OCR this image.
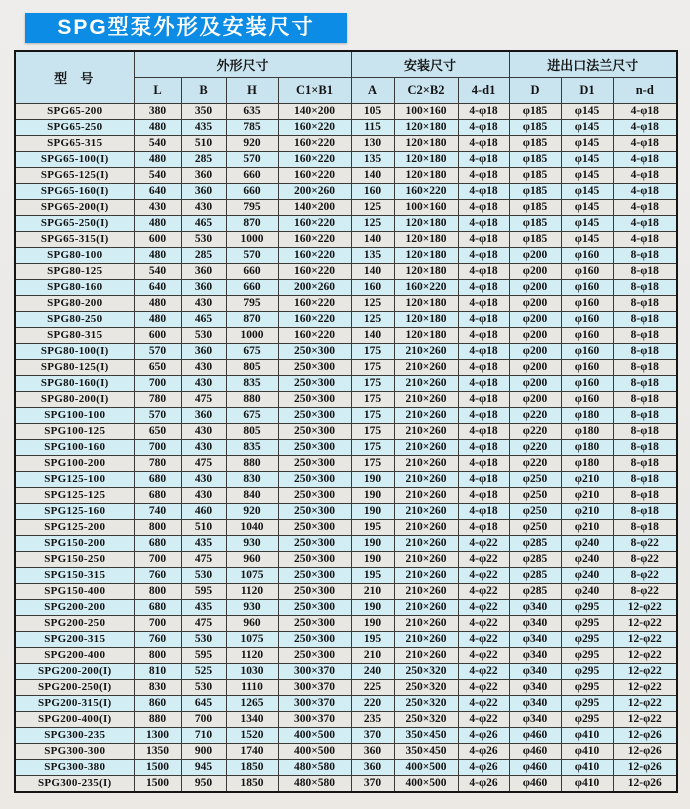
SPG型泵外形及安装尺寸
型  号	外形尺寸				安装尺寸			进出口法兰尺寸		
	L	B	H	C1×B1	A	C2×B2	4-d1	D	D1	n-d
SPG65-200	380	350	635	140×200	105	100×160	4-φ18	φ185	φ145	4-φ18
SPG65-250	480	435	785	160×220	115	120×180	4-φ18	φ185	φ145	4-φ18
SPG65-315	540	510	920	160×220	130	120×180	4-φ18	φ185	φ145	4-φ18
SPG65-100(I)	480	285	570	160×220	135	120×180	4-φ18	φ185	φ145	4-φ18
SPG65-125(I)	540	360	660	160×220	140	120×180	4-φ18	φ185	φ145	4-φ18
SPG65-160(I)	640	360	660	200×260	160	160×220	4-φ18	φ185	φ145	4-φ18
SPG65-200(I)	430	430	795	140×200	125	100×160	4-φ18	φ185	φ145	4-φ18
SPG65-250(I)	480	465	870	160×220	125	120×180	4-φ18	φ185	φ145	4-φ18
SPG65-315(I)	600	530	1000	160×220	140	120×180	4-φ18	φ185	φ145	4-φ18
SPG80-100	480	285	570	160×220	135	120×180	4-φ18	φ200	φ160	8-φ18
SPG80-125	540	360	660	160×220	140	120×180	4-φ18	φ200	φ160	8-φ18
SPG80-160	640	360	660	200×260	160	160×220	4-φ18	φ200	φ160	8-φ18
SPG80-200	480	430	795	160×220	125	120×180	4-φ18	φ200	φ160	8-φ18
SPG80-250	480	465	870	160×220	125	120×180	4-φ18	φ200	φ160	8-φ18
SPG80-315	600	530	1000	160×220	140	120×180	4-φ18	φ200	φ160	8-φ18
SPG80-100(I)	570	360	675	250×300	175	210×260	4-φ18	φ200	φ160	8-φ18
SPG80-125(I)	650	430	805	250×300	175	210×260	4-φ18	φ200	φ160	8-φ18
SPG80-160(I)	700	430	835	250×300	175	210×260	4-φ18	φ200	φ160	8-φ18
SPG80-200(I)	780	475	880	250×300	175	210×260	4-φ18	φ200	φ160	8-φ18
SPG100-100	570	360	675	250×300	175	210×260	4-φ18	φ220	φ180	8-φ18
SPG100-125	650	430	805	250×300	175	210×260	4-φ18	φ220	φ180	8-φ18
SPG100-160	700	430	835	250×300	175	210×260	4-φ18	φ220	φ180	8-φ18
SPG100-200	780	475	880	250×300	175	210×260	4-φ18	φ220	φ180	8-φ18
SPG125-100	680	430	830	250×300	190	210×260	4-φ18	φ250	φ210	8-φ18
SPG125-125	680	430	840	250×300	190	210×260	4-φ18	φ250	φ210	8-φ18
SPG125-160	740	460	920	250×300	190	210×260	4-φ18	φ250	φ210	8-φ18
SPG125-200	800	510	1040	250×300	195	210×260	4-φ18	φ250	φ210	8-φ18
SPG150-200	680	435	930	250×300	190	210×260	4-φ22	φ285	φ240	8-φ22
SPG150-250	700	475	960	250×300	190	210×260	4-φ22	φ285	φ240	8-φ22
SPG150-315	760	530	1075	250×300	195	210×260	4-φ22	φ285	φ240	8-φ22
SPG150-400	800	595	1120	250×300	210	210×260	4-φ22	φ285	φ240	8-φ22
SPG200-200	680	435	930	250×300	190	210×260	4-φ22	φ340	φ295	12-φ22
SPG200-250	700	475	960	250×300	190	210×260	4-φ22	φ340	φ295	12-φ22
SPG200-315	760	530	1075	250×300	195	210×260	4-φ22	φ340	φ295	12-φ22
SPG200-400	800	595	1120	250×300	210	210×260	4-φ22	φ340	φ295	12-φ22
SPG200-200(I)	810	525	1030	300×370	240	250×320	4-φ22	φ340	φ295	12-φ22
SPG200-250(I)	830	530	1110	300×370	225	250×320	4-φ22	φ340	φ295	12-φ22
SPG200-315(I)	860	645	1265	300×370	220	250×320	4-φ22	φ340	φ295	12-φ22
SPG200-400(I)	880	700	1340	300×370	235	250×320	4-φ22	φ340	φ295	12-φ22
SPG300-235	1300	710	1520	400×500	370	350×450	4-φ26	φ460	φ410	12-φ26
SPG300-300	1350	900	1740	400×500	360	350×450	4-φ26	φ460	φ410	12-φ26
SPG300-380	1500	945	1850	480×580	360	400×500	4-φ26	φ460	φ410	12-φ26
SPG300-235(I)	1500	950	1850	480×580	370	400×500	4-φ26	φ460	φ410	12-φ26
